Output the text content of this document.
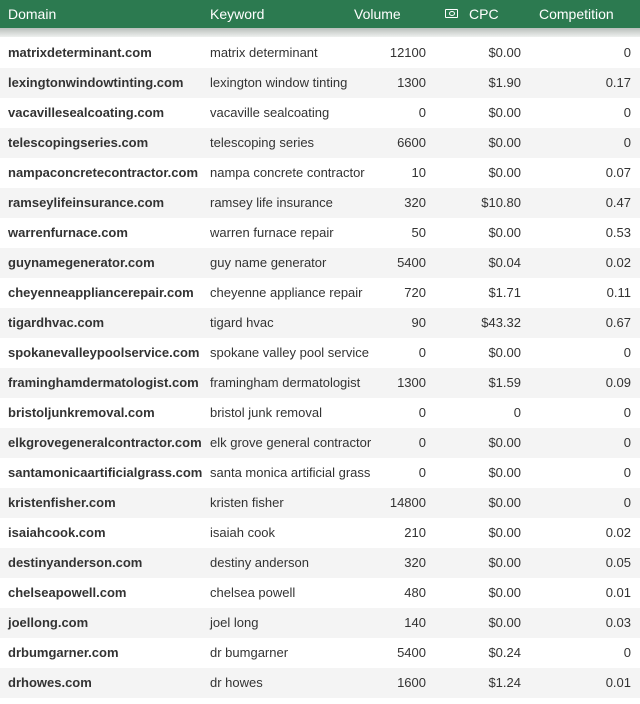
Domain	Keyword	Volume	CPC	Competition
matrixdeterminant.com	matrix determinant	12100	$0.00	0
lexingtonwindowtinting.com	lexington window tinting	1300	$1.90	0.17
vacavillesealcoating.com	vacaville sealcoating	0	$0.00	0
telescopingseries.com	telescoping series	6600	$0.00	0
nampaconcretecontractor.com nampa concrete contractor	10	$0.00	0.07
ramseylifeinsurance.com	ramsey life insurance	320	$10.80	0.47
warrenfurnace.com	warren furnace repair	50	$0.00	0.53
guynamegenerator.com	guy name generator	5400	$0.04	0.02
cheyenneappliancerepair.com	cheyenne appliance repair	720	$1.71	0.11
tigardhvac.com	tigard hvac	90	$43.32	0.67
spokanevalleypoolservice.com spokane valley pool service	0	$0.00	0
framinghamdermatologist.com framingham dermatologist	1300	$1.59	0.09
bristoljunkremoval.com	bristol junk removal	0	0	0
elkgrovegeneralcontractor.com elk grove general contractor	0	$0.00	0
santamonicaartificialgrass.com santa monica artificial grass	0	$0.00	0
kristenfisher.com	kristen fisher	14800	$0.00	0
isaiahcook.com	isaiah cook	210	$0.00	0.02
destinyanderson.com	destiny anderson	320	$0.00	0.05
chelseapowell.com	chelsea powell	480	$0.00	0.01
joellong.com	joel long	140	$0.00	0.03
drbumgarner.com	dr bumgarner	5400	$0.24	0
drhowes.com	dr howes	1600	$1.24	0.01
